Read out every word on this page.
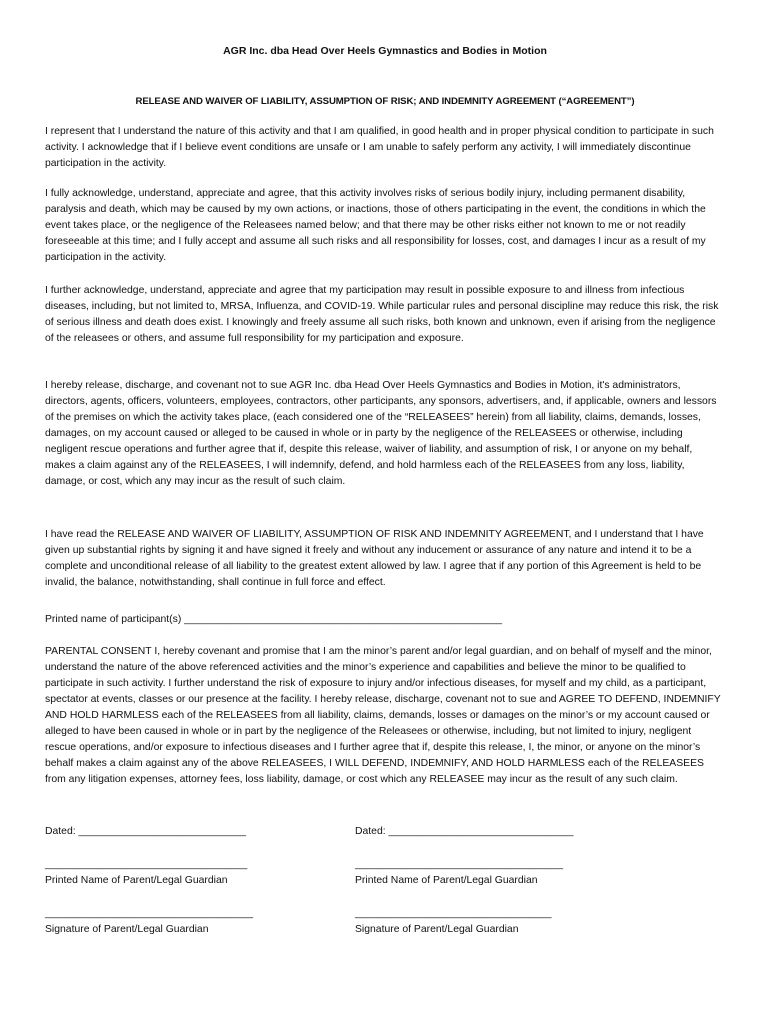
AGR Inc. dba Head Over Heels Gymnastics and Bodies in Motion
RELEASE AND WAIVER OF LIABILITY, ASSUMPTION OF RISK; AND INDEMNITY AGREEMENT (“AGREEMENT”)

I represent that I understand the nature of this activity and that I am qualified, in good health and in proper physical condition to participate in such activity. I acknowledge that if I believe event conditions are unsafe or I am unable to safely perform any activity, I will immediately discontinue participation in the activity.

I fully acknowledge, understand, appreciate and agree, that this activity involves risks of serious bodily injury, including permanent disability, paralysis and death, which may be caused by my own actions, or inactions, those of others participating in the event, the conditions in which the event takes place, or the negligence of the Releasees named below; and that there may be other risks either not known to me or not readily foreseeable at this time; and I fully accept and assume all such risks and all responsibility for losses, cost, and damages I incur as a result of my participation in the activity.

I further acknowledge, understand, appreciate and agree that my participation may result in possible exposure to and illness from infectious diseases, including, but not limited to, MRSA, Influenza, and COVID-19. While particular rules and personal discipline may reduce this risk, the risk of serious illness and death does exist. I knowingly and freely assume all such risks, both known and unknown, even if arising from the negligence of the releasees or others, and assume full responsibility for my participation and exposure.

I hereby release, discharge, and covenant not to sue AGR Inc. dba Head Over Heels Gymnastics and Bodies in Motion, it's administrators, directors, agents, officers, volunteers, employees, contractors, other participants, any sponsors, advertisers, and, if applicable, owners and lessors of the premises on which the activity takes place, (each considered one of the “RELEASEES” herein) from all liability, claims, demands, losses, damages, on my account caused or alleged to be caused in whole or in party by the negligence of the RELEASEES or otherwise, including negligent rescue operations and further agree that if, despite this release, waiver of liability, and assumption of risk, I or anyone on my behalf, makes a claim against any of the RELEASEES, I will indemnify, defend, and hold harmless each of the RELEASEES from any loss, liability, damage, or cost, which any may incur as the result of such claim.

I have read the RELEASE AND WAIVER OF LIABILITY, ASSUMPTION OF RISK AND INDEMNITY AGREEMENT, and I understand that I have given up substantial rights by signing it and have signed it freely and without any inducement or assurance of any nature and intend it to be a complete and unconditional release of all liability to the greatest extent allowed by law. I agree that if any portion of this Agreement is held to be invalid, the balance, notwithstanding, shall continue in full force and effect.

Printed name of participant(s) _______________________________________________________

PARENTAL CONSENT I, hereby covenant and promise that I am the minor’s parent and/or legal guardian, and on behalf of myself and the minor, understand the nature of the above referenced activities and the minor’s experience and capabilities and believe the minor to be qualified to participate in such activity. I further understand the risk of exposure to injury and/or infectious diseases, for myself and my child, as a participant, spectator at events, classes or our presence at the facility. I hereby release, discharge, covenant not to sue and AGREE TO DEFEND, INDEMNIFY AND HOLD HARMLESS each of the RELEASEES from all liability, claims, demands, losses or damages on the minor’s or my account caused or alleged to have been caused in whole or in part by the negligence of the Releasees or otherwise, including, but not limited to injury, negligent rescue operations, and/or exposure to infectious diseases and I further agree that if, despite this release, I, the minor, or anyone on the minor’s behalf makes a claim against any of the above RELEASEES, I WILL DEFEND, INDEMNIFY, AND HOLD HARMLESS each of the RELEASEES from any litigation expenses, attorney fees, loss liability, damage, or cost which any RELEASEE may incur as the result of any such claim.

Dated: _____________________________	Dated: ________________________________
___________________________________	____________________________________
Printed Name of Parent/Legal Guardian	Printed Name of Parent/Legal Guardian
____________________________________	__________________________________
Signature of Parent/Legal Guardian	Signature of Parent/Legal Guardian
